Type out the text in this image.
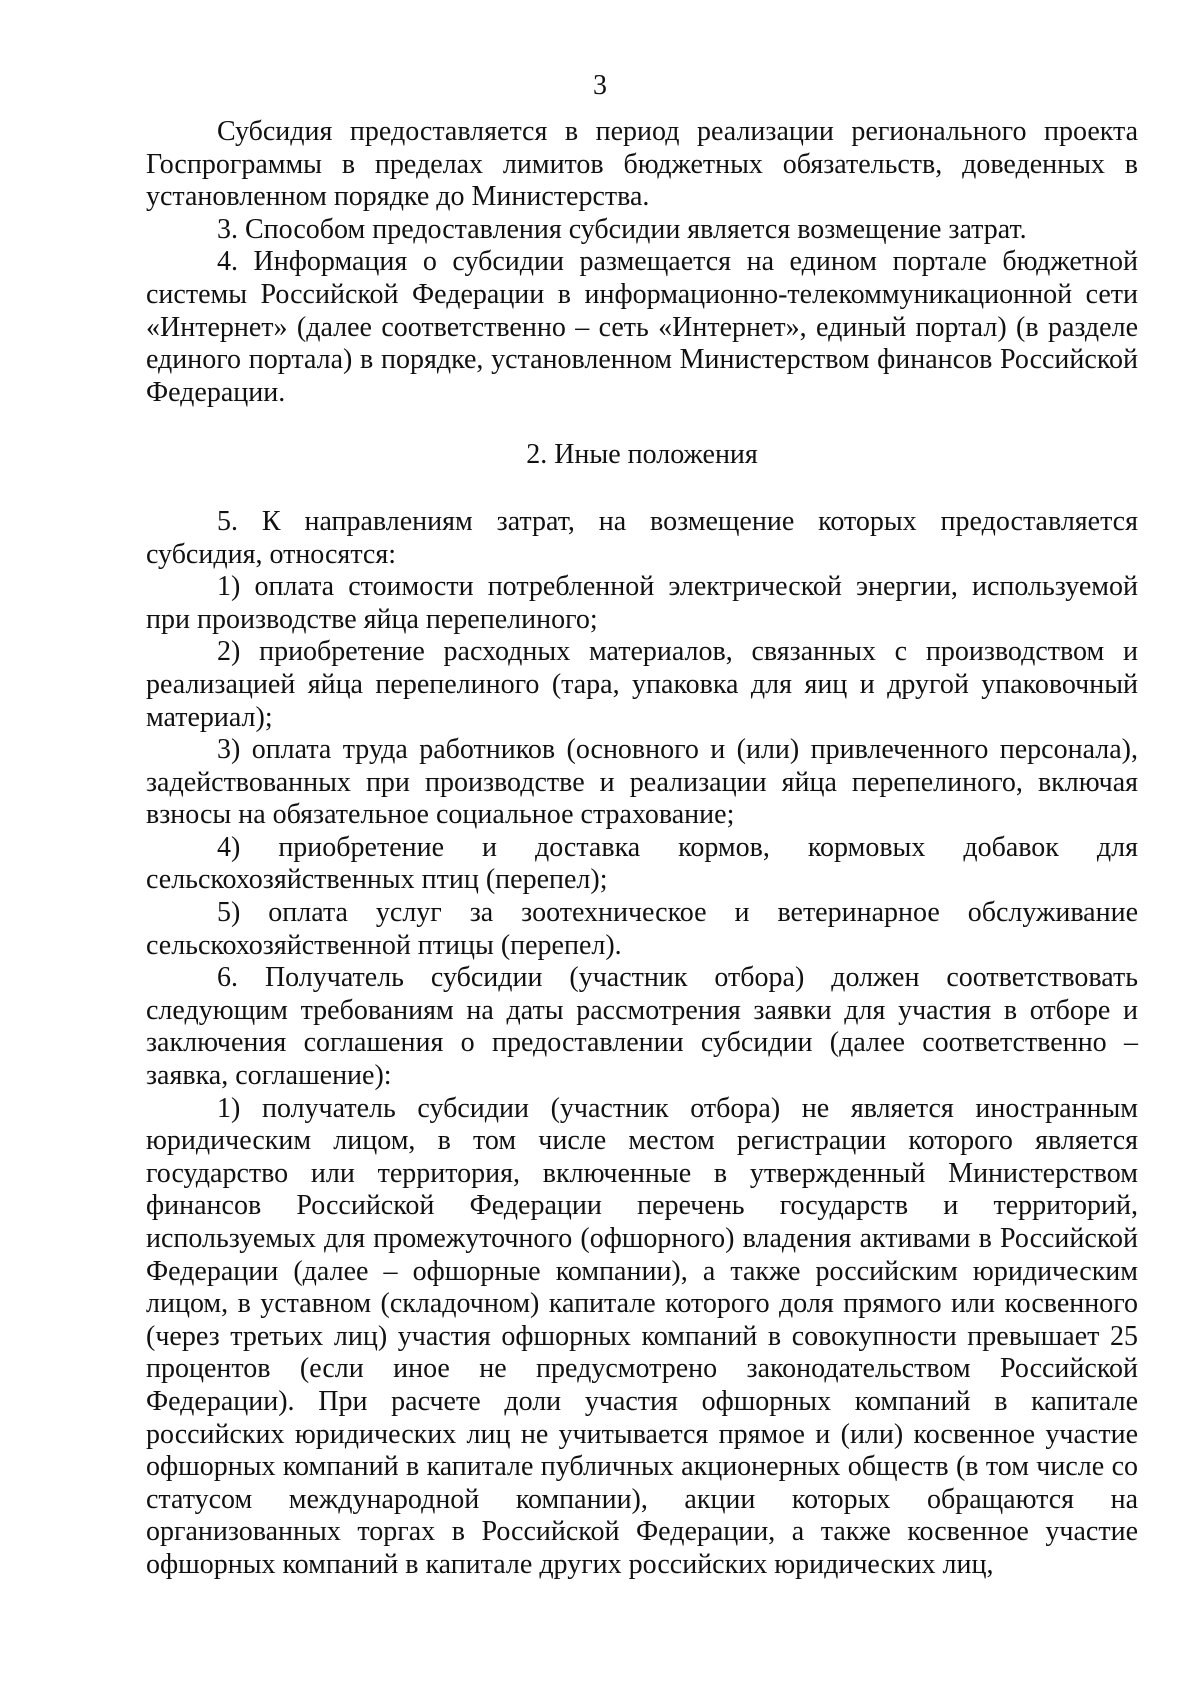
3

Субсидия предоставляется в период реализации регионального проекта Госпрограммы в пределах лимитов бюджетных обязательств, доведенных в установленном порядке до Министерства.

3. Способом предоставления субсидии является возмещение затрат.

4. Информация о субсидии размещается на едином портале бюджетной системы Российской Федерации в информационно-телекоммуникационной сети «Интернет» (далее соответственно – сеть «Интернет», единый портал) (в разделе единого портала) в порядке, установленном Министерством финансов Российской Федерации.

2. Иные положения

5. К направлениям затрат, на возмещение которых предоставляется субсидия, относятся:

1) оплата стоимости потребленной электрической энергии, используемой при производстве яйца перепелиного;

2) приобретение расходных материалов, связанных с производством и реализацией яйца перепелиного (тара, упаковка для яиц и другой упаковочный материал);

3) оплата труда работников (основного и (или) привлеченного персонала), задействованных при производстве и реализации яйца перепелиного, включая взносы на обязательное социальное страхование;

4) приобретение и доставка кормов, кормовых добавок для сельскохозяйственных птиц (перепел);

5) оплата услуг за зоотехническое и ветеринарное обслуживание сельскохозяйственной птицы (перепел).

6. Получатель субсидии (участник отбора) должен соответствовать следующим требованиям на даты рассмотрения заявки для участия в отборе и заключения соглашения о предоставлении субсидии (далее соответственно – заявка, соглашение):

1) получатель субсидии (участник отбора) не является иностранным юридическим лицом, в том числе местом регистрации которого является государство или территория, включенные в утвержденный Министерством финансов Российской Федерации перечень государств и территорий, используемых для промежуточного (офшорного) владения активами в Российской Федерации (далее – офшорные компании), а также российским юридическим лицом, в уставном (складочном) капитале которого доля прямого или косвенного (через третьих лиц) участия офшорных компаний в совокупности превышает 25 процентов (если иное не предусмотрено законодательством Российской Федерации). При расчете доли участия офшорных компаний в капитале российских юридических лиц не учитывается прямое и (или) косвенное участие офшорных компаний в капитале публичных акционерных обществ (в том числе со статусом международной компании), акции которых обращаются на организованных торгах в Российской Федерации, а также косвенное участие офшорных компаний в капитале других российских юридических лиц,
